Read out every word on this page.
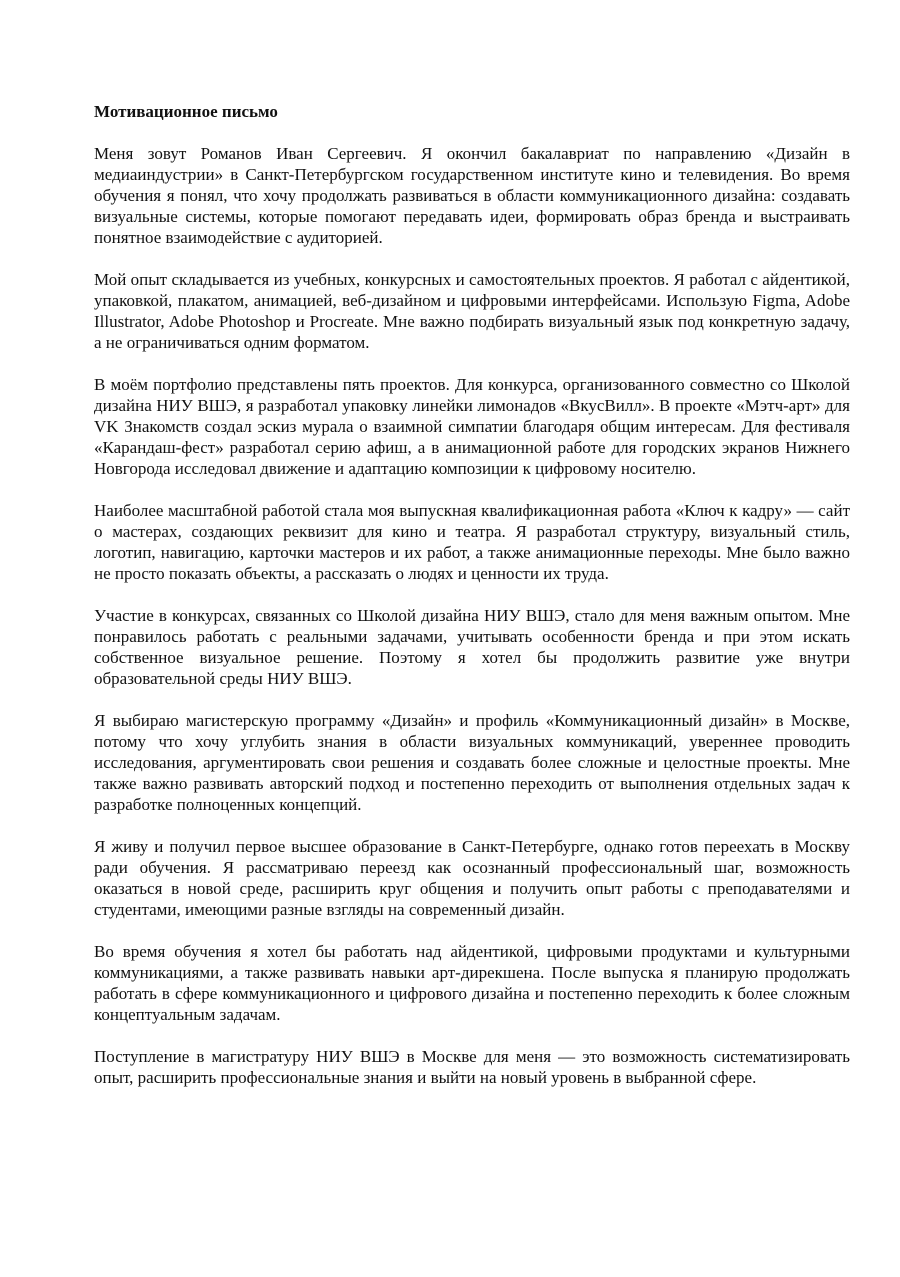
Мотивационное письмо

Меня зовут Романов Иван Сергеевич. Я окончил бакалавриат по направлению «Дизайн в медиаиндустрии» в Санкт-Петербургском государственном институте кино и телевидения. Во время обучения я понял, что хочу продолжать развиваться в области коммуникационного дизайна: создавать визуальные системы, которые помогают передавать идеи, формировать образ бренда и выстраивать понятное взаимодействие с аудиторией.

Мой опыт складывается из учебных, конкурсных и самостоятельных проектов. Я работал с айдентикой, упаковкой, плакатом, анимацией, веб-дизайном и цифровыми интерфейсами. Использую Figma, Adobe Illustrator, Adobe Photoshop и Procreate. Мне важно подбирать визуальный язык под конкретную задачу, а не ограничиваться одним форматом.

В моём портфолио представлены пять проектов. Для конкурса, организованного совместно со Школой дизайна НИУ ВШЭ, я разработал упаковку линейки лимонадов «ВкусВилл». В проекте «Мэтч-арт» для VK Знакомств создал эскиз мурала о взаимной симпатии благодаря общим интересам. Для фестиваля «Карандаш-фест» разработал серию афиш, а в анимационной работе для городских экранов Нижнего Новгорода исследовал движение и адаптацию композиции к цифровому носителю.

Наиболее масштабной работой стала моя выпускная квалификационная работа «Ключ к кадру» — сайт о мастерах, создающих реквизит для кино и театра. Я разработал структуру, визуальный стиль, логотип, навигацию, карточки мастеров и их работ, а также анимационные переходы. Мне было важно не просто показать объекты, а рассказать о людях и ценности их труда.

Участие в конкурсах, связанных со Школой дизайна НИУ ВШЭ, стало для меня важным опытом. Мне понравилось работать с реальными задачами, учитывать особенности бренда и при этом искать собственное визуальное решение. Поэтому я хотел бы продолжить развитие уже внутри образовательной среды НИУ ВШЭ.

Я выбираю магистерскую программу «Дизайн» и профиль «Коммуникационный дизайн» в Москве, потому что хочу углубить знания в области визуальных коммуникаций, увереннее проводить исследования, аргументировать свои решения и создавать более сложные и целостные проекты. Мне также важно развивать авторский подход и постепенно переходить от выполнения отдельных задач к разработке полноценных концепций.

Я живу и получил первое высшее образование в Санкт-Петербурге, однако готов переехать в Москву ради обучения. Я рассматриваю переезд как осознанный профессиональный шаг, возможность оказаться в новой среде, расширить круг общения и получить опыт работы с преподавателями и студентами, имеющими разные взгляды на современный дизайн.

Во время обучения я хотел бы работать над айдентикой, цифровыми продуктами и культурными коммуникациями, а также развивать навыки арт-дирекшена. После выпуска я планирую продолжать работать в сфере коммуникационного и цифрового дизайна и постепенно переходить к более сложным концептуальным задачам.

Поступление в магистратуру НИУ ВШЭ в Москве для меня — это возможность систематизировать опыт, расширить профессиональные знания и выйти на новый уровень в выбранной сфере.
